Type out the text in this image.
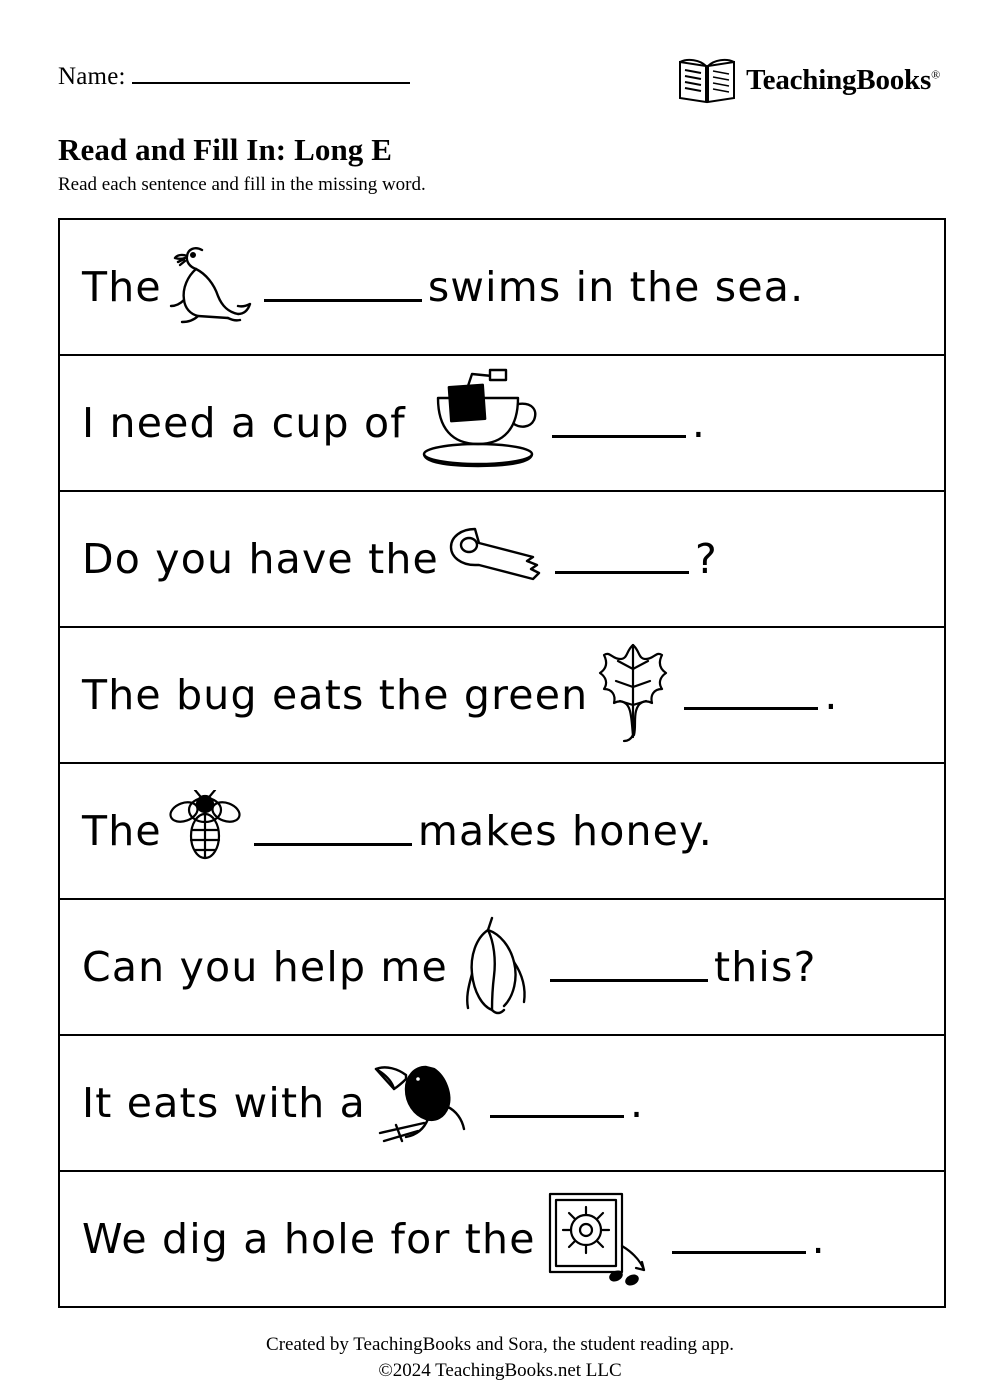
Name:	TeachingBooks®
Read and Fill In: Long E
Read each sentence and fill in the missing word.
The	swims in the sea.
I need a cup of	.
Do you have the	?
The bug eats the green	.
The	makes honey.
Can you help me	this?
It eats with a	.
We dig a hole for the	.
Created by TeachingBooks and Sora, the student reading app.
©2024 TeachingBooks.net LLC
